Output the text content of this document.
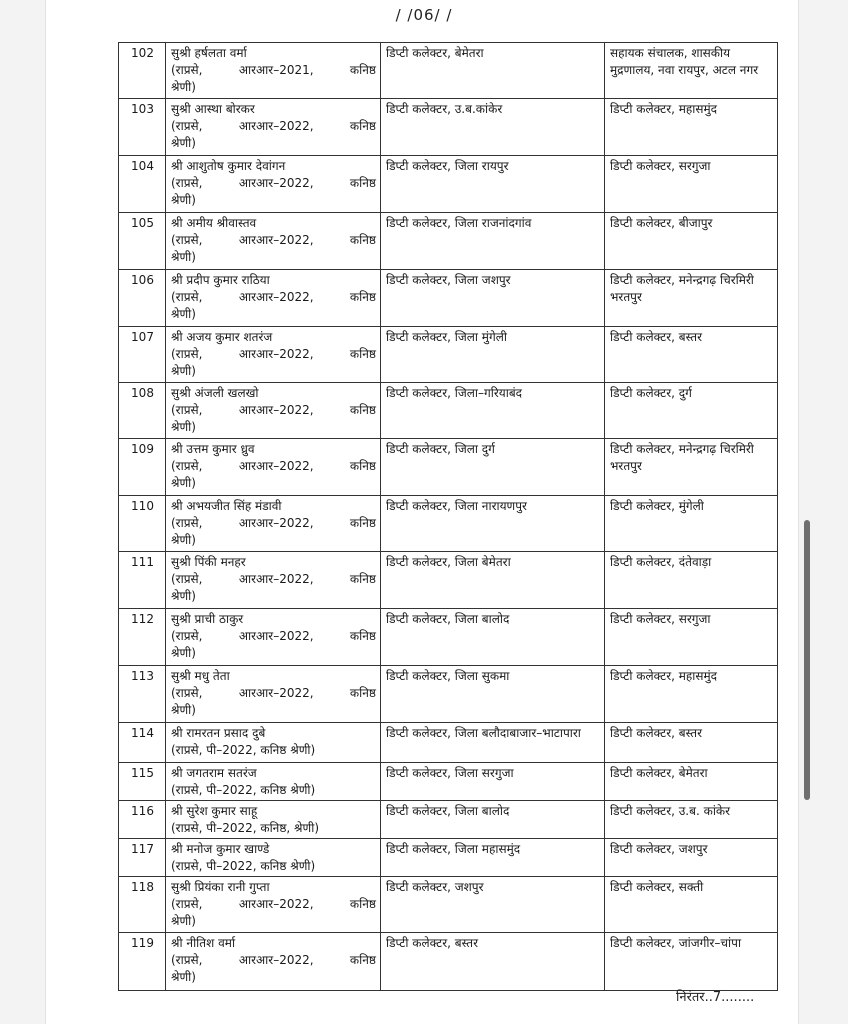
/ /06/ /
102	सुश्री हर्षलता वर्मा
(राप्रसे, आरआर–2021, कनिष्ठ
श्रेणी)	डिप्टी कलेक्टर, बेमेतरा	सहायक संचालक, शासकीय मुद्रणालय, नवा रायपुर, अटल नगर
103	सुश्री आस्था बोरकर
(राप्रसे, आरआर–2022, कनिष्ठ
श्रेणी)	डिप्टी कलेक्टर, उ.ब.कांकेर	डिप्टी कलेक्टर, महासमुंद
104	श्री आशुतोष कुमार देवांगन
(राप्रसे, आरआर–2022, कनिष्ठ
श्रेणी)	डिप्टी कलेक्टर, जिला रायपुर	डिप्टी कलेक्टर, सरगुजा
105	श्री अमीय श्रीवास्तव
(राप्रसे, आरआर–2022, कनिष्ठ
श्रेणी)	डिप्टी कलेक्टर, जिला राजनांदगांव	डिप्टी कलेक्टर, बीजापुर
106	श्री प्रदीप कुमार राठिया
(राप्रसे, आरआर–2022, कनिष्ठ
श्रेणी)	डिप्टी कलेक्टर, जिला जशपुर	डिप्टी कलेक्टर, मनेन्द्रगढ़ चिरमिरी भरतपुर
107	श्री अजय कुमार शतरंज
(राप्रसे, आरआर–2022, कनिष्ठ
श्रेणी)	डिप्टी कलेक्टर, जिला मुंगेली	डिप्टी कलेक्टर, बस्तर
108	सुश्री अंजली खलखो
(राप्रसे, आरआर–2022, कनिष्ठ
श्रेणी)	डिप्टी कलेक्टर, जिला–गरियाबंद	डिप्टी कलेक्टर, दुर्ग
109	श्री उत्तम कुमार ध्रुव
(राप्रसे, आरआर–2022, कनिष्ठ
श्रेणी)	डिप्टी कलेक्टर, जिला दुर्ग	डिप्टी कलेक्टर, मनेन्द्रगढ़ चिरमिरी भरतपुर
110	श्री अभयजीत सिंह मंडावी
(राप्रसे, आरआर–2022, कनिष्ठ
श्रेणी)	डिप्टी कलेक्टर, जिला नारायणपुर	डिप्टी कलेक्टर, मुंगेली
111	सुश्री पिंकी मनहर
(राप्रसे, आरआर–2022, कनिष्ठ
श्रेणी)	डिप्टी कलेक्टर, जिला बेमेतरा	डिप्टी कलेक्टर, दंतेवाड़ा
112	सुश्री प्राची ठाकुर
(राप्रसे, आरआर–2022, कनिष्ठ
श्रेणी)	डिप्टी कलेक्टर, जिला बालोद	डिप्टी कलेक्टर, सरगुजा
113	सुश्री मधु तेता
(राप्रसे, आरआर–2022, कनिष्ठ
श्रेणी)	डिप्टी कलेक्टर, जिला सुकमा	डिप्टी कलेक्टर, महासमुंद
114	श्री रामरतन प्रसाद दुबे
(राप्रसे, पी–2022, कनिष्ठ श्रेणी)	डिप्टी कलेक्टर, जिला बलौदाबाजार–भाटापारा	डिप्टी कलेक्टर, बस्तर
115	श्री जगतराम सतरंज
(राप्रसे, पी–2022, कनिष्ठ श्रेणी)	डिप्टी कलेक्टर, जिला सरगुजा	डिप्टी कलेक्टर, बेमेतरा
116	श्री सुरेश कुमार साहू
(राप्रसे, पी–2022, कनिष्ठ, श्रेणी)	डिप्टी कलेक्टर, जिला बालोद	डिप्टी कलेक्टर, उ.ब. कांकेर
117	श्री मनोज कुमार खाण्डे
(राप्रसे, पी–2022, कनिष्ठ श्रेणी)	डिप्टी कलेक्टर, जिला महासमुंद	डिप्टी कलेक्टर, जशपुर
118	सुश्री प्रियंका रानी गुप्ता
(राप्रसे, आरआर–2022, कनिष्ठ
श्रेणी)	डिप्टी कलेक्टर, जशपुर	डिप्टी कलेक्टर, सक्ती
119	श्री नीतिश वर्मा
(राप्रसे, आरआर–2022, कनिष्ठ
श्रेणी)	डिप्टी कलेक्टर, बस्तर	डिप्टी कलेक्टर, जांजगीर–चांपा
निरंतर..7........
